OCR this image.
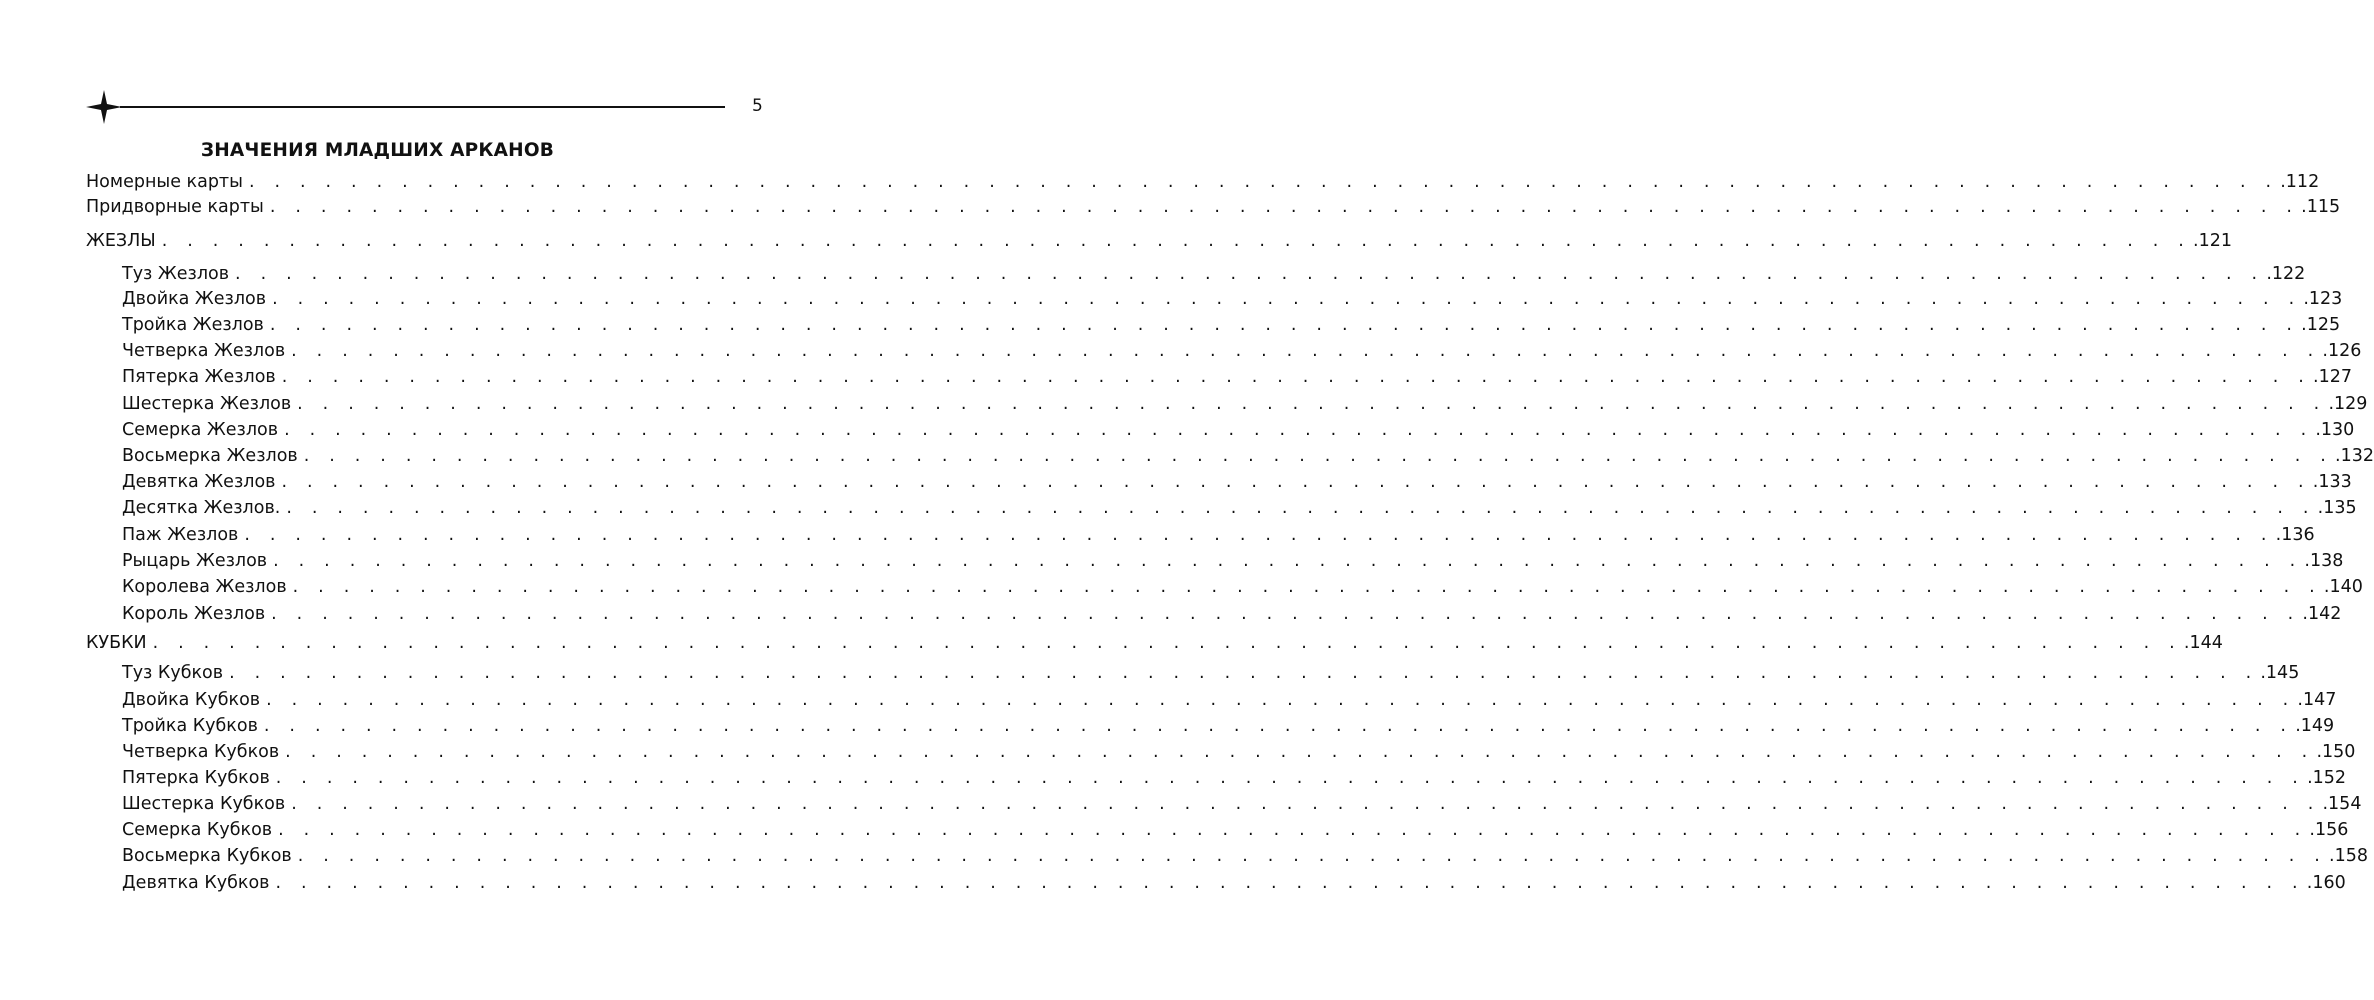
5
ЗНАЧЕНИЯ МЛАДШИХ АРКАНОВ
Номерные карты . . . . . . . . . . . . . . . . . . . . . . . . . . . . . . . . . . . . . . . . . . . . . . . . . . . . . . . . . . . . . . . . . . . . . . . . . . . . . . . . .112
Придворные карты . . . . . . . . . . . . . . . . . . . . . . . . . . . . . . . . . . . . . . . . . . . . . . . . . . . . . . . . . . . . . . . . . . . . . . . . . . . . . . . . .115
ЖЕЗЛЫ . . . . . . . . . . . . . . . . . . . . . . . . . . . . . . . . . . . . . . . . . . . . . . . . . . . . . . . . . . . . . . . . . . . . . . . . . . . . . . . . .121
Туз Жезлов . . . . . . . . . . . . . . . . . . . . . . . . . . . . . . . . . . . . . . . . . . . . . . . . . . . . . . . . . . . . . . . . . . . . . . . . . . . . . . . . .122
Двойка Жезлов . . . . . . . . . . . . . . . . . . . . . . . . . . . . . . . . . . . . . . . . . . . . . . . . . . . . . . . . . . . . . . . . . . . . . . . . . . . . . . . . .123
Тройка Жезлов . . . . . . . . . . . . . . . . . . . . . . . . . . . . . . . . . . . . . . . . . . . . . . . . . . . . . . . . . . . . . . . . . . . . . . . . . . . . . . . . .125
Четверка Жезлов . . . . . . . . . . . . . . . . . . . . . . . . . . . . . . . . . . . . . . . . . . . . . . . . . . . . . . . . . . . . . . . . . . . . . . . . . . . . . . . . .126
Пятерка Жезлов . . . . . . . . . . . . . . . . . . . . . . . . . . . . . . . . . . . . . . . . . . . . . . . . . . . . . . . . . . . . . . . . . . . . . . . . . . . . . . . . .127
Шестерка Жезлов . . . . . . . . . . . . . . . . . . . . . . . . . . . . . . . . . . . . . . . . . . . . . . . . . . . . . . . . . . . . . . . . . . . . . . . . . . . . . . . . .129
Семерка Жезлов . . . . . . . . . . . . . . . . . . . . . . . . . . . . . . . . . . . . . . . . . . . . . . . . . . . . . . . . . . . . . . . . . . . . . . . . . . . . . . . . .130
Восьмерка Жезлов . . . . . . . . . . . . . . . . . . . . . . . . . . . . . . . . . . . . . . . . . . . . . . . . . . . . . . . . . . . . . . . . . . . . . . . . . . . . . . . . .132
Девятка Жезлов . . . . . . . . . . . . . . . . . . . . . . . . . . . . . . . . . . . . . . . . . . . . . . . . . . . . . . . . . . . . . . . . . . . . . . . . . . . . . . . . .133
Десятка Жезлов. . . . . . . . . . . . . . . . . . . . . . . . . . . . . . . . . . . . . . . . . . . . . . . . . . . . . . . . . . . . . . . . . . . . . . . . . . . . . . . . . .135
Паж Жезлов . . . . . . . . . . . . . . . . . . . . . . . . . . . . . . . . . . . . . . . . . . . . . . . . . . . . . . . . . . . . . . . . . . . . . . . . . . . . . . . . .136
Рыцарь Жезлов . . . . . . . . . . . . . . . . . . . . . . . . . . . . . . . . . . . . . . . . . . . . . . . . . . . . . . . . . . . . . . . . . . . . . . . . . . . . . . . . .138
Королева Жезлов . . . . . . . . . . . . . . . . . . . . . . . . . . . . . . . . . . . . . . . . . . . . . . . . . . . . . . . . . . . . . . . . . . . . . . . . . . . . . . . . .140
Король Жезлов . . . . . . . . . . . . . . . . . . . . . . . . . . . . . . . . . . . . . . . . . . . . . . . . . . . . . . . . . . . . . . . . . . . . . . . . . . . . . . . . .142
КУБКИ . . . . . . . . . . . . . . . . . . . . . . . . . . . . . . . . . . . . . . . . . . . . . . . . . . . . . . . . . . . . . . . . . . . . . . . . . . . . . . . . .144
Туз Кубков . . . . . . . . . . . . . . . . . . . . . . . . . . . . . . . . . . . . . . . . . . . . . . . . . . . . . . . . . . . . . . . . . . . . . . . . . . . . . . . . .145
Двойка Кубков . . . . . . . . . . . . . . . . . . . . . . . . . . . . . . . . . . . . . . . . . . . . . . . . . . . . . . . . . . . . . . . . . . . . . . . . . . . . . . . . .147
Тройка Кубков . . . . . . . . . . . . . . . . . . . . . . . . . . . . . . . . . . . . . . . . . . . . . . . . . . . . . . . . . . . . . . . . . . . . . . . . . . . . . . . . .149
Четверка Кубков . . . . . . . . . . . . . . . . . . . . . . . . . . . . . . . . . . . . . . . . . . . . . . . . . . . . . . . . . . . . . . . . . . . . . . . . . . . . . . . . .150
Пятерка Кубков . . . . . . . . . . . . . . . . . . . . . . . . . . . . . . . . . . . . . . . . . . . . . . . . . . . . . . . . . . . . . . . . . . . . . . . . . . . . . . . . .152
Шестерка Кубков . . . . . . . . . . . . . . . . . . . . . . . . . . . . . . . . . . . . . . . . . . . . . . . . . . . . . . . . . . . . . . . . . . . . . . . . . . . . . . . . .154
Семерка Кубков . . . . . . . . . . . . . . . . . . . . . . . . . . . . . . . . . . . . . . . . . . . . . . . . . . . . . . . . . . . . . . . . . . . . . . . . . . . . . . . . .156
Восьмерка Кубков . . . . . . . . . . . . . . . . . . . . . . . . . . . . . . . . . . . . . . . . . . . . . . . . . . . . . . . . . . . . . . . . . . . . . . . . . . . . . . . . .158
Девятка Кубков . . . . . . . . . . . . . . . . . . . . . . . . . . . . . . . . . . . . . . . . . . . . . . . . . . . . . . . . . . . . . . . . . . . . . . . . . . . . . . . . .160
